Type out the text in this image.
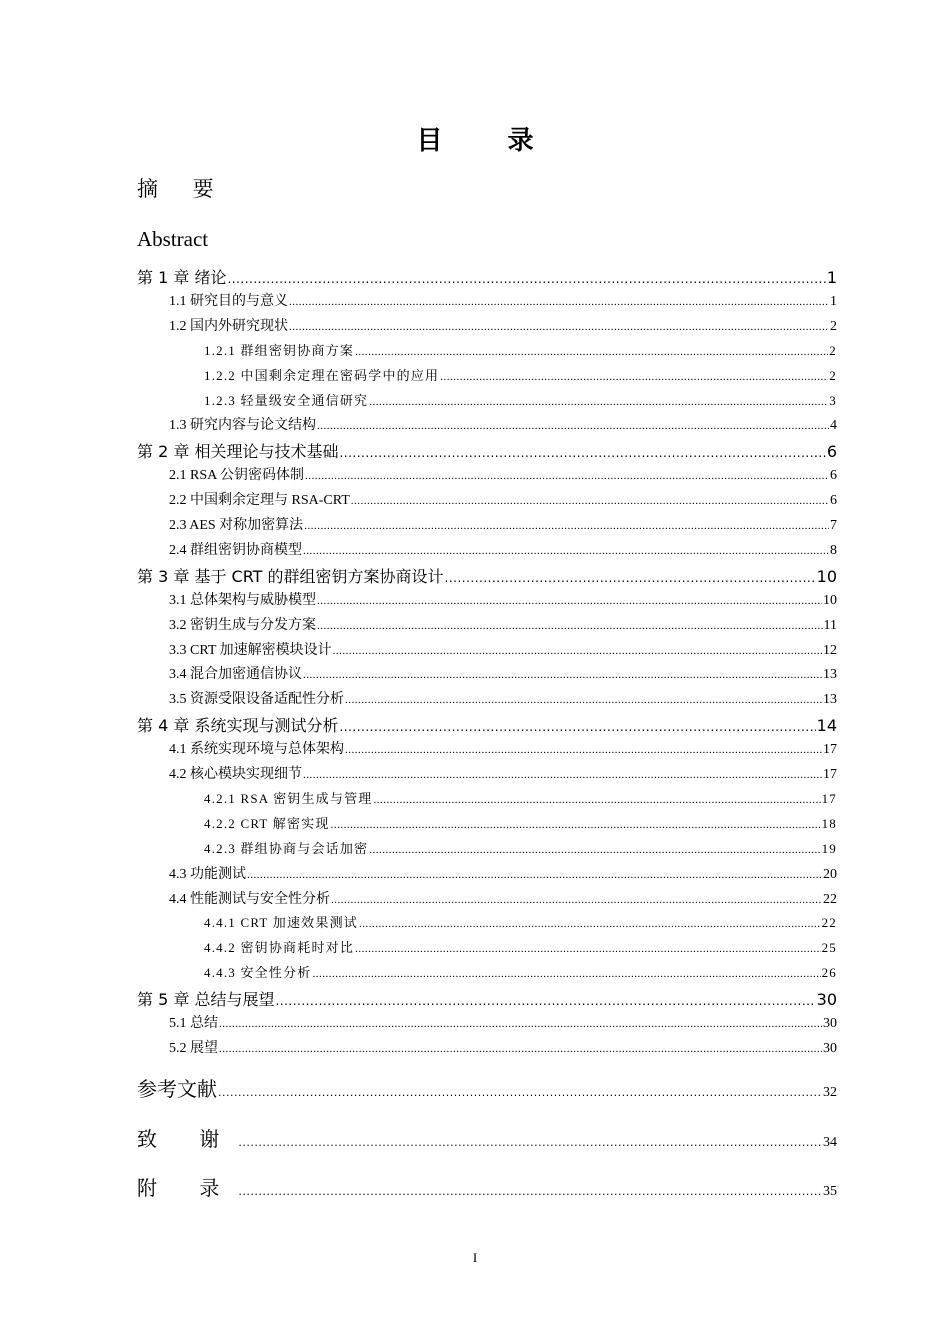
目 录
摘 要
Abstract
第 1 章 绪论 .....	1
1.1 研究目的与意义 .....	1
1.2 国内外研究现状 .....	2
1.2.1 群组密钥协商方案 .....	2
1.2.2 中国剩余定理在密码学中的应用 .....	2
1.2.3 轻量级安全通信研究 .....	3
1.3 研究内容与论文结构 .....	4
第 2 章 相关理论与技术基础 .....	6
2.1 RSA 公钥密码体制 .....	6
2.2 中国剩余定理与 RSA-CRT .....	6
2.3 AES 对称加密算法 .....	7
2.4 群组密钥协商模型 .....	8
第 3 章 基于 CRT 的群组密钥方案协商设计 .....	10
3.1 总体架构与威胁模型 .....	10
3.2 密钥生成与分发方案 .....	11
3.3 CRT 加速解密模块设计 .....	12
3.4 混合加密通信协议 .....	13
3.5 资源受限设备适配性分析 .....	13
第 4 章 系统实现与测试分析 .....	14
4.1 系统实现环境与总体架构 .....	17
4.2 核心模块实现细节 .....	17
4.2.1 RSA 密钥生成与管理 .....	17
4.2.2 CRT 解密实现 .....	18
4.2.3 群组协商与会话加密 .....	19
4.3 功能测试 .....	20
4.4 性能测试与安全性分析 .....	22
4.4.1 CRT 加速效果测试 .....	22
4.4.2 密钥协商耗时对比 .....	25
4.4.3 安全性分析 .....	26
第 5 章 总结与展望 .....	30
5.1 总结 .....	30
5.2 展望 .....	30
参考文献 .....	32
致 谢 .....	34
附 录 .....	35
I
